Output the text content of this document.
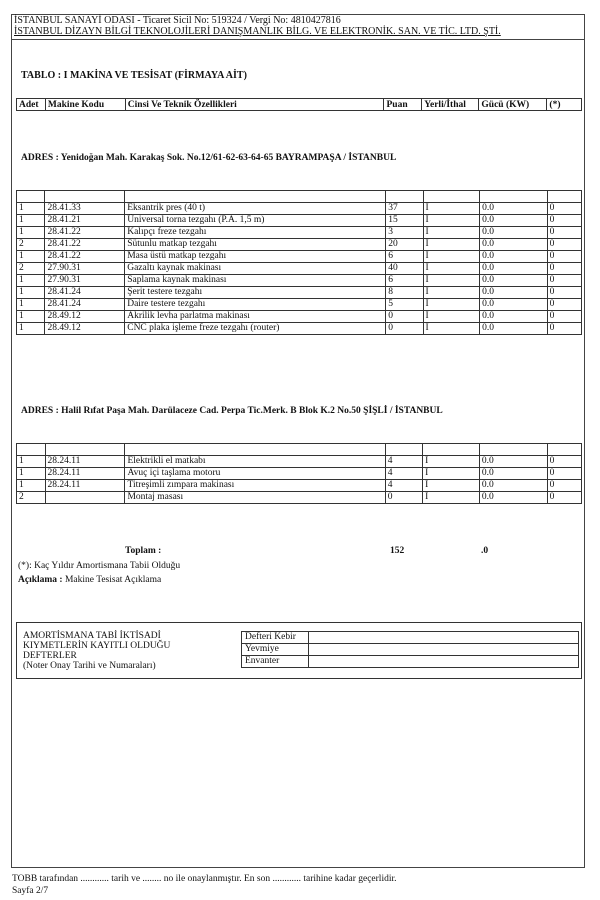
İSTANBUL SANAYİ ODASI - Ticaret Sicil No: 519324 / Vergi No: 4810427816
İSTANBUL DİZAYN BİLGİ TEKNOLOJİLERİ DANIŞMANLIK BİLG. VE ELEKTRONİK. SAN. VE TİC. LTD. ŞTİ.
TABLO : I MAKİNA VE TESİSAT (FİRMAYA AİT)
Adet	Makine Kodu	Cinsi Ve Teknik Özellikleri	Puan	Yerli/İthal	Gücü (KW)	(*)
ADRES : Yenidoğan Mah. Karakaş Sok. No.12/61-62-63-64-65 BAYRAMPAŞA / İSTANBUL

1	28.41.33	Eksantrik pres (40 t)	37	I	0.0	0
1	28.41.21	Üniversal torna tezgahı (P.A. 1,5 m)	15	I	0.0	0
1	28.41.22	Kalıpçı freze tezgahı	3	I	0.0	0
2	28.41.22	Sütunlu matkap tezgahı	20	I	0.0	0
1	28.41.22	Masa üstü matkap tezgahı	6	I	0.0	0
2	27.90.31	Gazaltı kaynak makinası	40	I	0.0	0
1	27.90.31	Saplama kaynak makinası	6	I	0.0	0
1	28.41.24	Şerit testere tezgahı	8	I	0.0	0
1	28.41.24	Daire testere tezgahı	5	I	0.0	0
1	28.49.12	Akrilik levha parlatma makinası	0	I	0.0	0
1	28.49.12	CNC plaka işleme freze tezgahı (router)	0	I	0.0	0
ADRES : Halil Rıfat Paşa Mah. Darülaceze Cad. Perpa Tic.Merk. B Blok K.2 No.50 ŞİŞLİ / İSTANBUL

1	28.24.11	Elektrikli el matkabı	4	I	0.0	0
1	28.24.11	Avuç içi taşlama motoru	4	I	0.0	0
1	28.24.11	Titreşimli zımpara makinası	4	I	0.0	0
2		Montaj masası	0	I	0.0	0
Toplam :	152	.0
(*): Kaç Yıldır Amortismana Tabii Olduğu
Açıklama : Makine Tesisat Açıklama
AMORTİSMANA TABİ İKTİSADİ
KIYMETLERİN KAYITLI OLDUĞU
DEFTERLER
(Noter Onay Tarihi ve Numaraları)
Defteri Kebir	
Yevmiye	
Envanter	
TOBB tarafından ............ tarih ve ........ no ile onaylanmıştır. En son ............ tarihine kadar geçerlidir.
Sayfa 2/7
